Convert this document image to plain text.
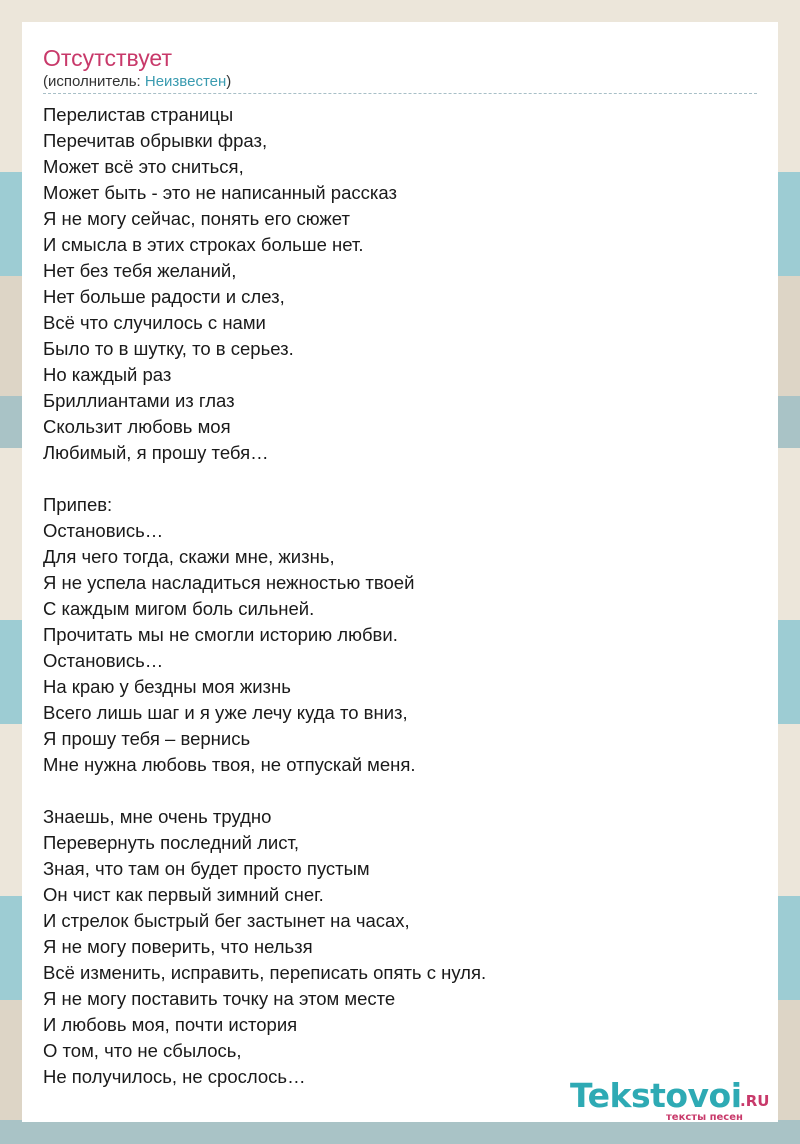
Отсутствует
(исполнитель: Неизвестен)
Перелистав страницы
Перечитав обрывки фраз,
Может всё это сниться,
Может быть - это не написанный рассказ
Я не могу сейчас, понять его сюжет
И смысла в этих строках больше нет.
Нет без тебя желаний,
Нет больше радости и слез,
Всё что случилось с нами
Было то в шутку, то в серьез.
Но каждый раз
Бриллиантами из глаз
Скользит любовь моя
Любимый, я прошу тебя…
Припев:
Остановись…
Для чего тогда, скажи мне, жизнь,
Я не успела насладиться нежностью твоей
С каждым мигом боль сильней.
Прочитать мы не смогли историю любви.
Остановись…
На краю у бездны моя жизнь
Всего лишь шаг и я уже лечу куда то вниз,
Я прошу тебя – вернись
Мне нужна любовь твоя, не отпускай меня.
Знаешь, мне очень трудно
Перевернуть последний лист,
Зная, что там он будет просто пустым
Он чист как первый зимний снег.
И стрелок быстрый бег застынет на часах,
Я не могу поверить, что нельзя
Всё изменить, исправить, переписать опять с нуля.
Я не могу поставить точку на этом месте
И любовь моя, почти история
О том, что не сбылось,
Не получилось, не срослось…	Tekstovoi
.RU
тексты песен
